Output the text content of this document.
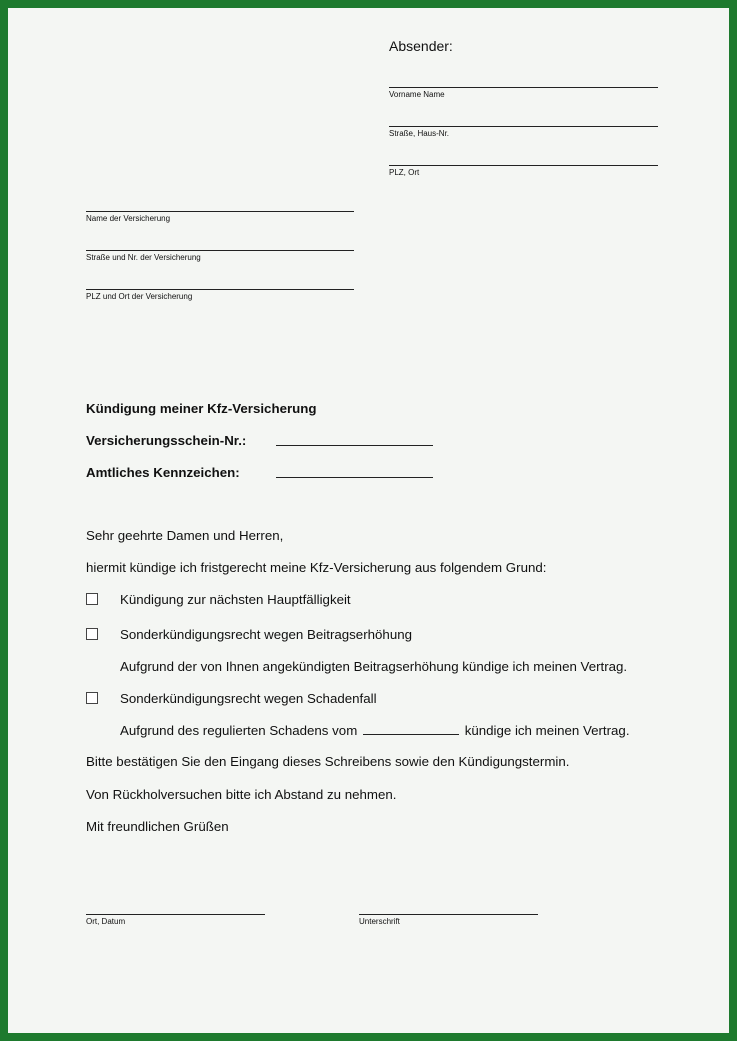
Absender:
Vorname Name
Straße, Haus-Nr.
PLZ, Ort
Name der Versicherung
Straße und Nr. der Versicherung
PLZ und Ort der Versicherung
Kündigung meiner Kfz-Versicherung
Versicherungsschein-Nr.:
Amtliches Kennzeichen:
Sehr geehrte Damen und Herren,
hiermit kündige ich fristgerecht meine Kfz-Versicherung aus folgendem Grund:
Kündigung zur nächsten Hauptfälligkeit
Sonderkündigungsrecht wegen Beitragserhöhung
Aufgrund der von Ihnen angekündigten Beitragserhöhung kündige ich meinen Vertrag.
Sonderkündigungsrecht wegen Schadenfall
Aufgrund des regulierten Schadens vom	kündige ich meinen Vertrag.
Bitte bestätigen Sie den Eingang dieses Schreibens sowie den Kündigungstermin.
Von Rückholversuchen bitte ich Abstand zu nehmen.
Mit freundlichen Grüßen
Ort, Datum	Unterschrift
